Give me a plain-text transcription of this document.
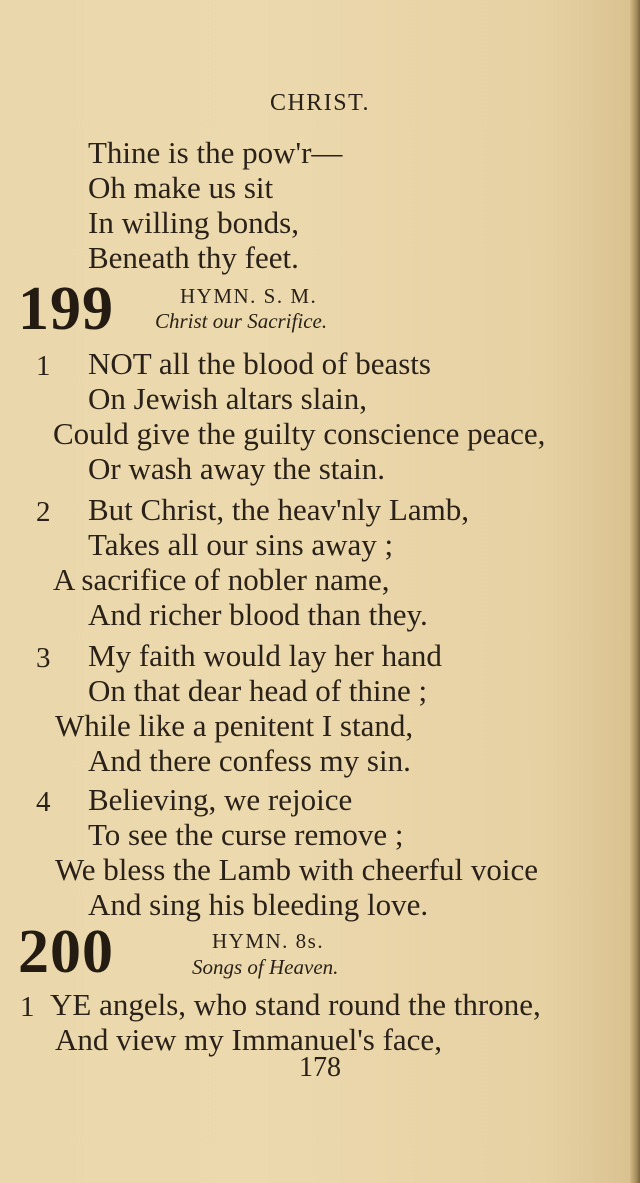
CHRIST.
Thine is the pow'r—
Oh make us sit
In willing bonds,
Beneath thy feet.
199	HYMN. S. M.
Christ our Sacrifice.
1 NOT all the blood of beasts
On Jewish altars slain,
Could give the guilty conscience peace,
Or wash away the stain.
2 But Christ, the heav'nly Lamb,
Takes all our sins away ;
A sacrifice of nobler name,
And richer blood than they.
3 My faith would lay her hand
On that dear head of thine ;
While like a penitent I stand,
And there confess my sin.
4 Believing, we rejoice
To see the curse remove ;
We bless the Lamb with cheerful voice
And sing his bleeding love.
200	HYMN. 8s.
Songs of Heaven.
1 YE angels, who stand round the throne,
And view my Immanuel's face,
178
